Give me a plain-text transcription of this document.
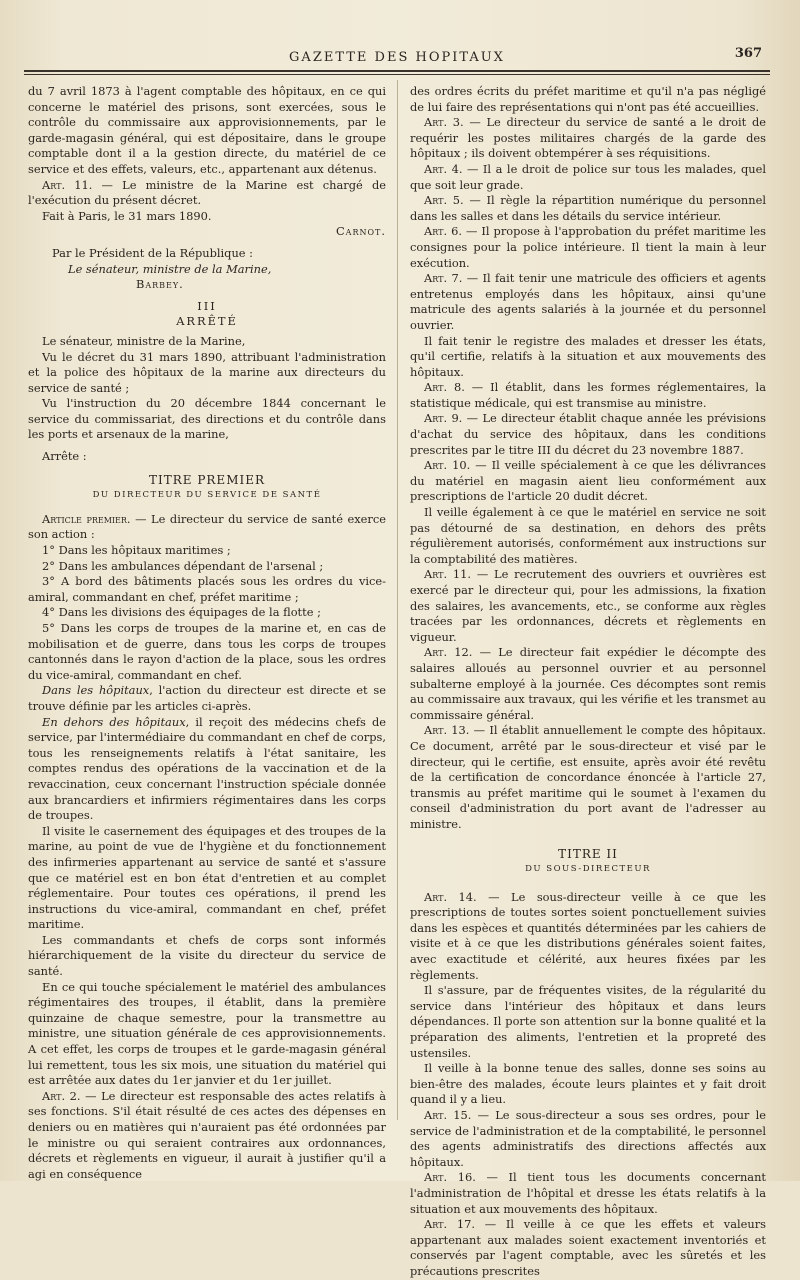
GAZETTE DES HOPITAUX	367

du 7 avril 1873 à l'agent comptable des hôpitaux, en ce qui concerne le matériel des prisons, sont exercées, sous le contrôle du commissaire aux approvisionnements, par le garde-magasin général, qui est dépositaire, dans le groupe comptable dont il a la gestion directe, du matériel de ce service et des effets, valeurs, etc., appartenant aux détenus.

Art. 11. — Le ministre de la Marine est chargé de l'exécution du présent décret.

Fait à Paris, le 31 mars 1890.

Carnot.

Par le Président de la République :

Le sénateur, ministre de la Marine,

Barbey.

III

ARRÊTÉ

Le sénateur, ministre de la Marine,

Vu le décret du 31 mars 1890, attribuant l'administration et la police des hôpitaux de la marine aux directeurs du service de santé ;

Vu l'instruction du 20 décembre 1844 concernant le service du commissariat, des directions et du contrôle dans les ports et arsenaux de la marine,

Arrête :

TITRE PREMIER

DU DIRECTEUR DU SERVICE DE SANTÉ

Article premier. — Le directeur du service de santé exerce son action :

1° Dans les hôpitaux maritimes ;

2° Dans les ambulances dépendant de l'arsenal ;

3° A bord des bâtiments placés sous les ordres du vice-amiral, commandant en chef, préfet maritime ;

4° Dans les divisions des équipages de la flotte ;

5° Dans les corps de troupes de la marine et, en cas de mobilisation et de guerre, dans tous les corps de troupes cantonnés dans le rayon d'action de la place, sous les ordres du vice-amiral, commandant en chef.

Dans les hôpitaux, l'action du directeur est directe et se trouve définie par les articles ci-après.

En dehors des hôpitaux, il reçoit des médecins chefs de service, par l'intermédiaire du commandant en chef de corps, tous les renseignements relatifs à l'état sanitaire, les comptes rendus des opérations de la vaccination et de la revaccination, ceux concernant l'instruction spéciale donnée aux brancardiers et infirmiers régimentaires dans les corps de troupes.

Il visite le casernement des équipages et des troupes de la marine, au point de vue de l'hygiène et du fonctionnement des infirmeries appartenant au service de santé et s'assure que ce matériel est en bon état d'entretien et au complet réglementaire. Pour toutes ces opérations, il prend les instructions du vice-amiral, commandant en chef, préfet maritime.

Les commandants et chefs de corps sont informés hiérarchiquement de la visite du directeur du service de santé.

En ce qui touche spécialement le matériel des ambulances régimentaires des troupes, il établit, dans la première quinzaine de chaque semestre, pour la transmettre au ministre, une situation générale de ces approvisionnements. A cet effet, les corps de troupes et le garde-magasin général lui remettent, tous les six mois, une situation du matériel qui est arrêtée aux dates du 1er janvier et du 1er juillet.

Art. 2. — Le directeur est responsable des actes relatifs à ses fonctions. S'il était résulté de ces actes des dépenses en deniers ou en matières qui n'auraient pas été ordonnées par le ministre ou qui seraient contraires aux ordonnances, décrets et règlements en vigueur, il aurait à justifier qu'il a agi en conséquence

des ordres écrits du préfet maritime et qu'il n'a pas négligé de lui faire des représentations qui n'ont pas été accueillies.

Art. 3. — Le directeur du service de santé a le droit de requérir les postes militaires chargés de la garde des hôpitaux ; ils doivent obtempérer à ses réquisitions.

Art. 4. — Il a le droit de police sur tous les malades, quel que soit leur grade.

Art. 5. — Il règle la répartition numérique du personnel dans les salles et dans les détails du service intérieur.

Art. 6. — Il propose à l'approbation du préfet maritime les consignes pour la police intérieure. Il tient la main à leur exécution.

Art. 7. — Il fait tenir une matricule des officiers et agents entretenus employés dans les hôpitaux, ainsi qu'une matricule des agents salariés à la journée et du personnel ouvrier.

Il fait tenir le registre des malades et dresser les états, qu'il certifie, relatifs à la situation et aux mouvements des hôpitaux.

Art. 8. — Il établit, dans les formes réglementaires, la statistique médicale, qui est transmise au ministre.

Art. 9. — Le directeur établit chaque année les prévisions d'achat du service des hôpitaux, dans les conditions prescrites par le titre III du décret du 23 novembre 1887.

Art. 10. — Il veille spécialement à ce que les délivrances du matériel en magasin aient lieu conformément aux prescriptions de l'article 20 dudit décret.

Il veille également à ce que le matériel en service ne soit pas détourné de sa destination, en dehors des prêts régulièrement autorisés, conformément aux instructions sur la comptabilité des matières.

Art. 11. — Le recrutement des ouvriers et ouvrières est exercé par le directeur qui, pour les admissions, la fixation des salaires, les avancements, etc., se conforme aux règles tracées par les ordonnances, décrets et règlements en vigueur.

Art. 12. — Le directeur fait expédier le décompte des salaires alloués au personnel ouvrier et au personnel subalterne employé à la journée. Ces décomptes sont remis au commissaire aux travaux, qui les vérifie et les transmet au commissaire général.

Art. 13. — Il établit annuellement le compte des hôpitaux. Ce document, arrêté par le sous-directeur et visé par le directeur, qui le certifie, est ensuite, après avoir été revêtu de la certification de concordance énoncée à l'article 27, transmis au préfet maritime qui le soumet à l'examen du conseil d'administration du port avant de l'adresser au ministre.

TITRE II

DU SOUS-DIRECTEUR

Art. 14. — Le sous-directeur veille à ce que les prescriptions de toutes sortes soient ponctuellement suivies dans les espèces et quantités déterminées par les cahiers de visite et à ce que les distributions générales soient faites, avec exactitude et célérité, aux heures fixées par les règlements.

Il s'assure, par de fréquentes visites, de la régularité du service dans l'intérieur des hôpitaux et dans leurs dépendances. Il porte son attention sur la bonne qualité et la préparation des aliments, l'entretien et la propreté des ustensiles.

Il veille à la bonne tenue des salles, donne ses soins au bien-être des malades, écoute leurs plaintes et y fait droit quand il y a lieu.

Art. 15. — Le sous-directeur a sous ses ordres, pour le service de l'administration et de la comptabilité, le personnel des agents administratifs des directions affectés aux hôpitaux.

Art. 16. — Il tient tous les documents concernant l'administration de l'hôpital et dresse les états relatifs à la situation et aux mouvements des hôpitaux.

Art. 17. — Il veille à ce que les effets et valeurs appartenant aux malades soient exactement inventoriés et conservés par l'agent comptable, avec les sûretés et les précautions prescrites
